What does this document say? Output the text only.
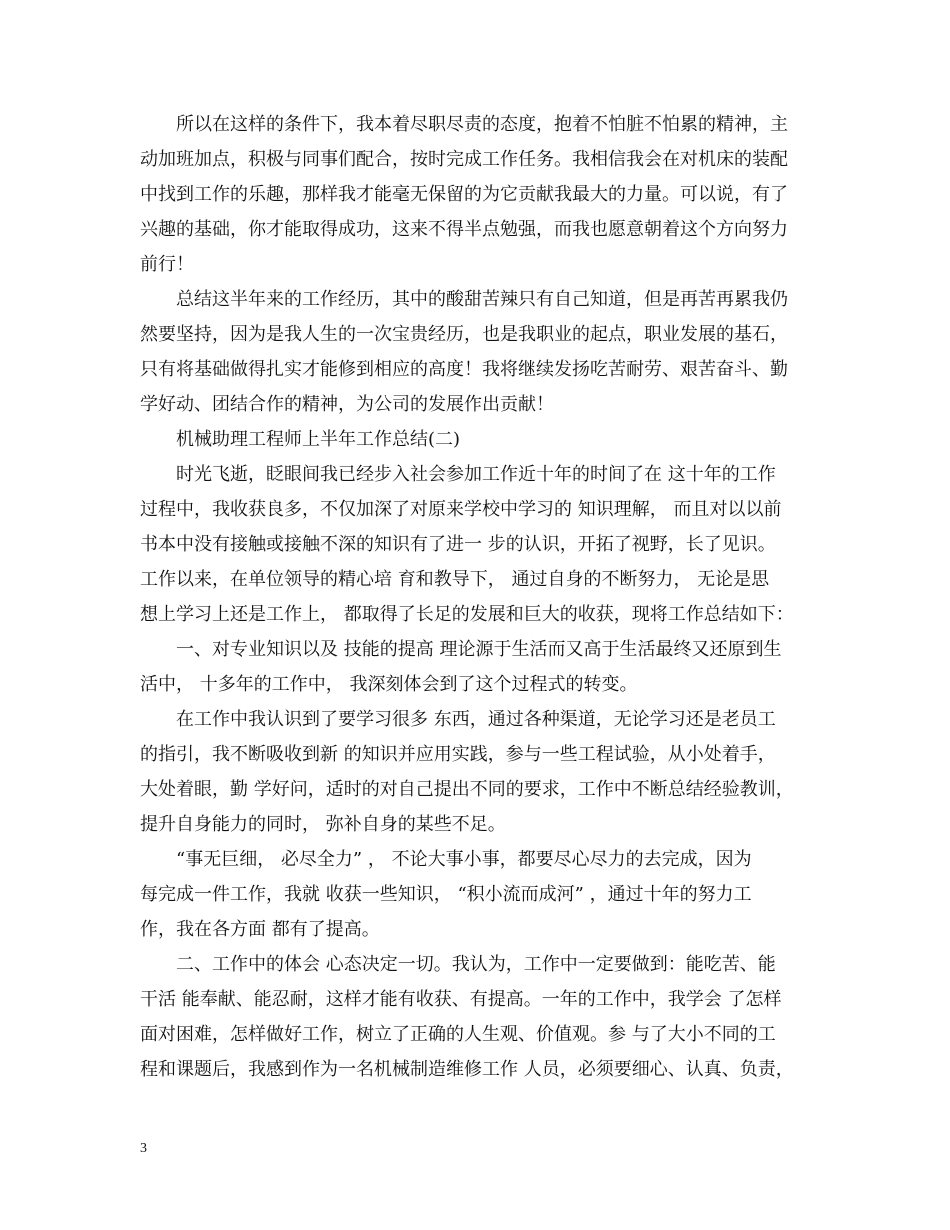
所以在这样的条件下，我本着尽职尽责的态度，抱着不怕脏不怕累的精神，主
动加班加点，积极与同事们配合，按时完成工作任务。我相信我会在对机床的装配
中找到工作的乐趣，那样我才能毫无保留的为它贡献我最大的力量。可以说，有了
兴趣的基础，你才能取得成功，这来不得半点勉强，而我也愿意朝着这个方向努力
前行！
总结这半年来的工作经历，其中的酸甜苦辣只有自己知道，但是再苦再累我仍
然要坚持，因为是我人生的一次宝贵经历，也是我职业的起点，职业发展的基石，
只有将基础做得扎实才能修到相应的高度！我将继续发扬吃苦耐劳、艰苦奋斗、勤
学好动、团结合作的精神，为公司的发展作出贡献！
机械助理工程师上半年工作总结(二)
时光飞逝，眨眼间我已经步入社会参加工作近十年的时间了在 这十年的工作
过程中，我收获良多，不仅加深了对原来学校中学习的 知识理解， 而且对以以前
书本中没有接触或接触不深的知识有了进一 步的认识，开拓了视野，长了见识。
工作以来，在单位领导的精心培 育和教导下， 通过自身的不断努力， 无论是思
想上学习上还是工作上， 都取得了长足的发展和巨大的收获，现将工作总结如下：
一、对专业知识以及 技能的提高 理论源于生活而又高于生活最终又还原到生
活中， 十多年的工作中， 我深刻体会到了这个过程式的转变。
在工作中我认识到了要学习很多 东西，通过各种渠道，无论学习还是老员工
的指引，我不断吸收到新 的知识并应用实践，参与一些工程试验，从小处着手，
大处着眼，勤 学好问，适时的对自己提出不同的要求，工作中不断总结经验教训，
提升自身能力的同时， 弥补自身的某些不足。
“事无巨细， 必尽全力” ， 不论大事小事，都要尽心尽力的去完成，因为
每完成一件工作，我就 收获一些知识， “积小流而成河” ，通过十年的努力工
作，我在各方面 都有了提高。
二、工作中的体会 心态决定一切。我认为，工作中一定要做到：能吃苦、能
干活 能奉献、能忍耐，这样才能有收获、有提高。一年的工作中，我学会 了怎样
面对困难，怎样做好工作，树立了正确的人生观、价值观。参 与了大小不同的工
程和课题后，我感到作为一名机械制造维修工作 人员，必须要细心、认真、负责，
3
